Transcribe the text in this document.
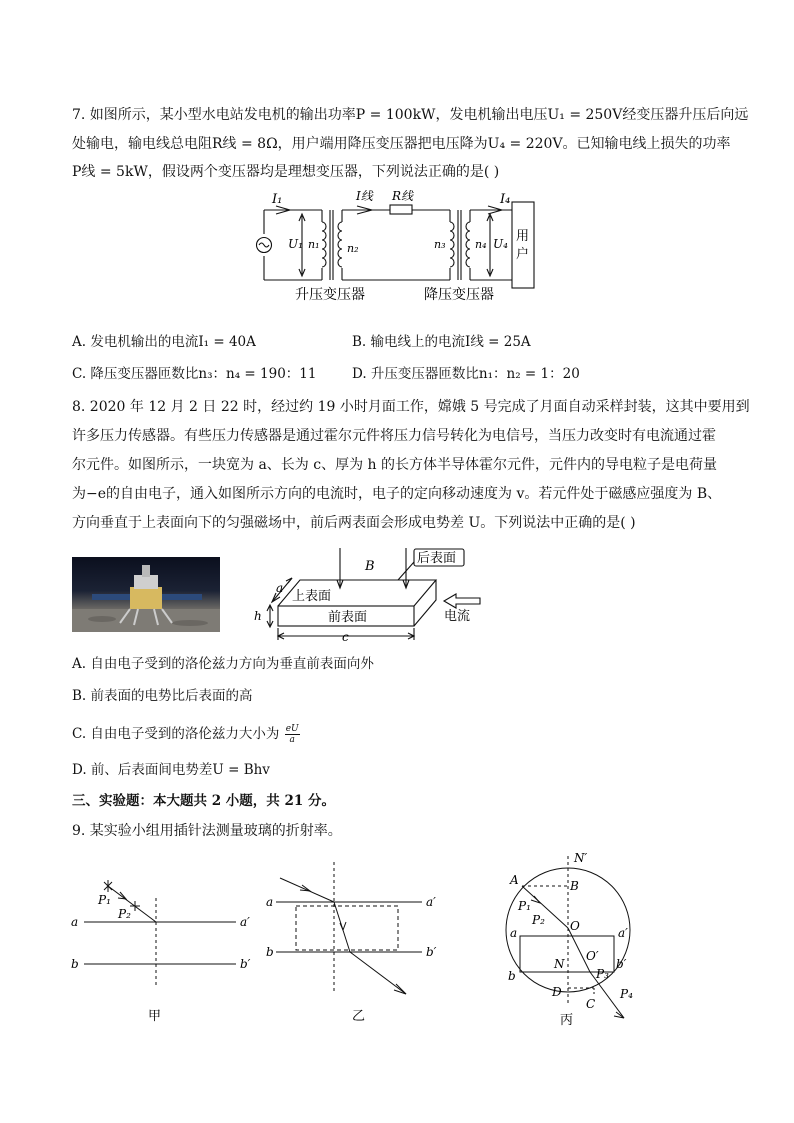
7. 如图所示，某小型水电站发电机的输出功率P = 100kW，发电机输出电压U₁ = 250V经变压器升压后向远
处输电，输电线总电阻R线 = 8Ω，用户端用降压变压器把电压降为U₄ = 220V。已知输电线上损失的功率
P线 = 5kW，假设两个变压器均是理想变压器，下列说法正确的是( )
I₁	I线 R线	I₄
U₁ n₁	n₂	n₃	n₄ U₄ 用
户
升压变压器	降压变压器
A. 发电机输出的电流I₁ = 40A	B. 输电线上的电流I线 = 25A
C. 降压变压器匝数比n₃：n₄ = 190：11	D. 升压变压器匝数比n₁：n₂ = 1：20
8. 2020 年 12 月 2 日 22 时，经过约 19 小时月面工作，嫦娥 5 号完成了月面自动采样封装，这其中要用到
许多压力传感器。有些压力传感器是通过霍尔元件将压力信号转化为电信号，当压力改变时有电流通过霍
尔元件。如图所示，一块宽为 a、长为 c、厚为 h 的长方体半导体霍尔元件，元件内的导电粒子是电荷量
为−e的自由电子，通入如图所示方向的电流时，电子的定向移动速度为 v。若元件处于磁感应强度为 B、
方向垂直于上表面向下的匀强磁场中，前后两表面会形成电势差 U。下列说法中正确的是( )
B
后表面
上表面
前表面	电流
a
h
c
A. 自由电子受到的洛伦兹力方向为垂直前表面向外
B. 前表面的电势比后表面的高
C. 自由电子受到的洛伦兹力大小为 $\frac{eU}{a}$
D. 前、后表面间电势差U = Bhv
三、实验题：本大题共 2 小题，共 21 分。
9. 某实验小组用插针法测量玻璃的折射率。
P₁
P₂
a	a′
b	b′
甲
a	a′
b	b′
乙
N′
A	B
P₁
P₂ O
a	a′
O′
N
b
b′
P₃
D
C
P₄
丙
